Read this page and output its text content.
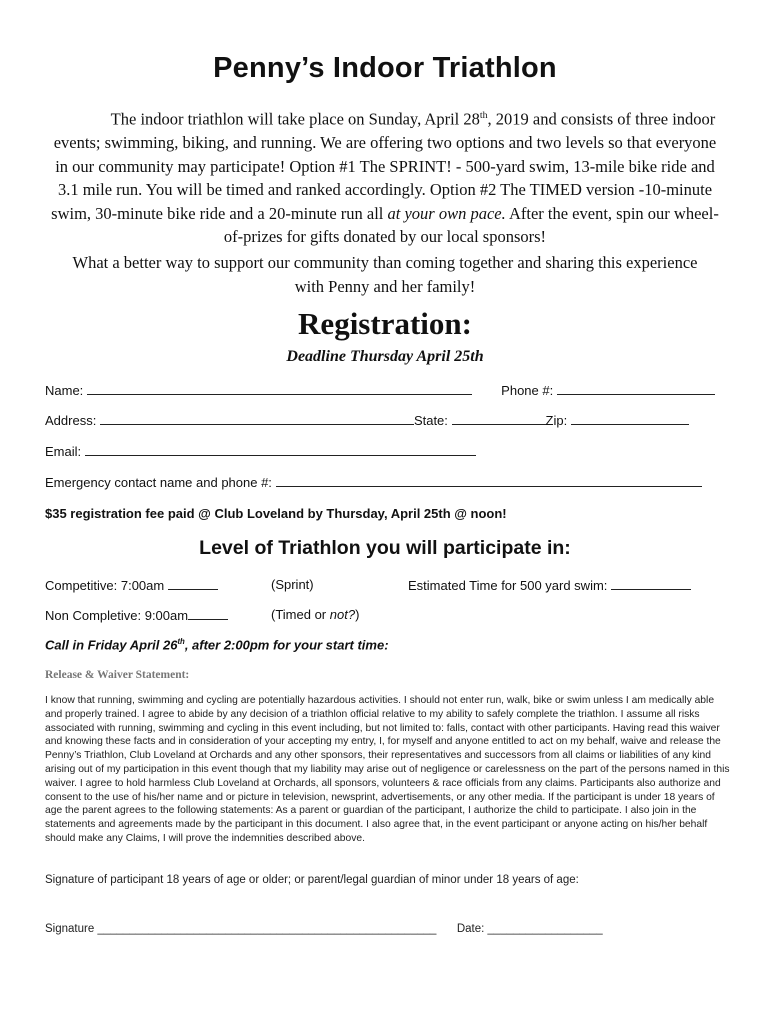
Penny’s Indoor Triathlon

The indoor triathlon will take place on Sunday, April 28th, 2019 and consists of three indoor events; swimming, biking, and running. We are offering two options and two levels so that everyone in our community may participate! Option #1 The SPRINT! - 500-yard swim, 13-mile bike ride and 3.1 mile run. You will be timed and ranked accordingly. Option #2 The TIMED version -10-minute swim, 30-minute bike ride and a 20-minute run all at your own pace. After the event, spin our wheel-of-prizes for gifts donated by our local sponsors!

What a better way to support our community than coming together and sharing this experience with Penny and her family!
Registration:
Deadline Thursday April 25th
Name:	Phone #:
Address:	State:	Zip:
Email:
Emergency contact name and phone #:
$35 registration fee paid @ Club Loveland by Thursday, April 25th @ noon!
Level of Triathlon you will participate in:
Competitive: 7:00am	(Sprint)	Estimated Time for 500 yard swim:
Non Completive: 9:00am	(Timed or not?)
Call in Friday April 26th, after 2:00pm for your start time:
Release & Waiver Statement:
I know that running, swimming and cycling are potentially hazardous activities. I should not enter run, walk, bike or swim unless I am medically able and properly trained. I agree to abide by any decision of a triathlon official relative to my ability to safely complete the triathlon. I assume all risks associated with running, swimming and cycling in this event including, but not limited to: falls, contact with other participants. Having read this waiver and knowing these facts and in consideration of your accepting my entry, I, for myself and anyone entitled to act on my behalf, waive and release the Penny’s Triathlon, Club Loveland at Orchards and any other sponsors, their representatives and successors from all claims or liabilities of any kind arising out of my participation in this event though that my liability may arise out of negligence or carelessness on the part of the persons named in this waiver. I agree to hold harmless Club Loveland at Orchards, all sponsors, volunteers & race officials from any claims. Participants also authorize and consent to the use of his/her name and or picture in television, newsprint, advertisements, or any other media. If the participant is under 18 years of age the parent agrees to the following statements: As a parent or guardian of the participant, I authorize the child to participate. I also join in the statements and agreements made by the participant in this document. I also agree that, in the event participant or anyone acting on his/her behalf should make any Claims, I will prove the indemnities described above.
Signature of participant 18 years of age or older; or parent/legal guardian of minor under 18 years of age:
Signature _____________________________________________________ Date: __________________
